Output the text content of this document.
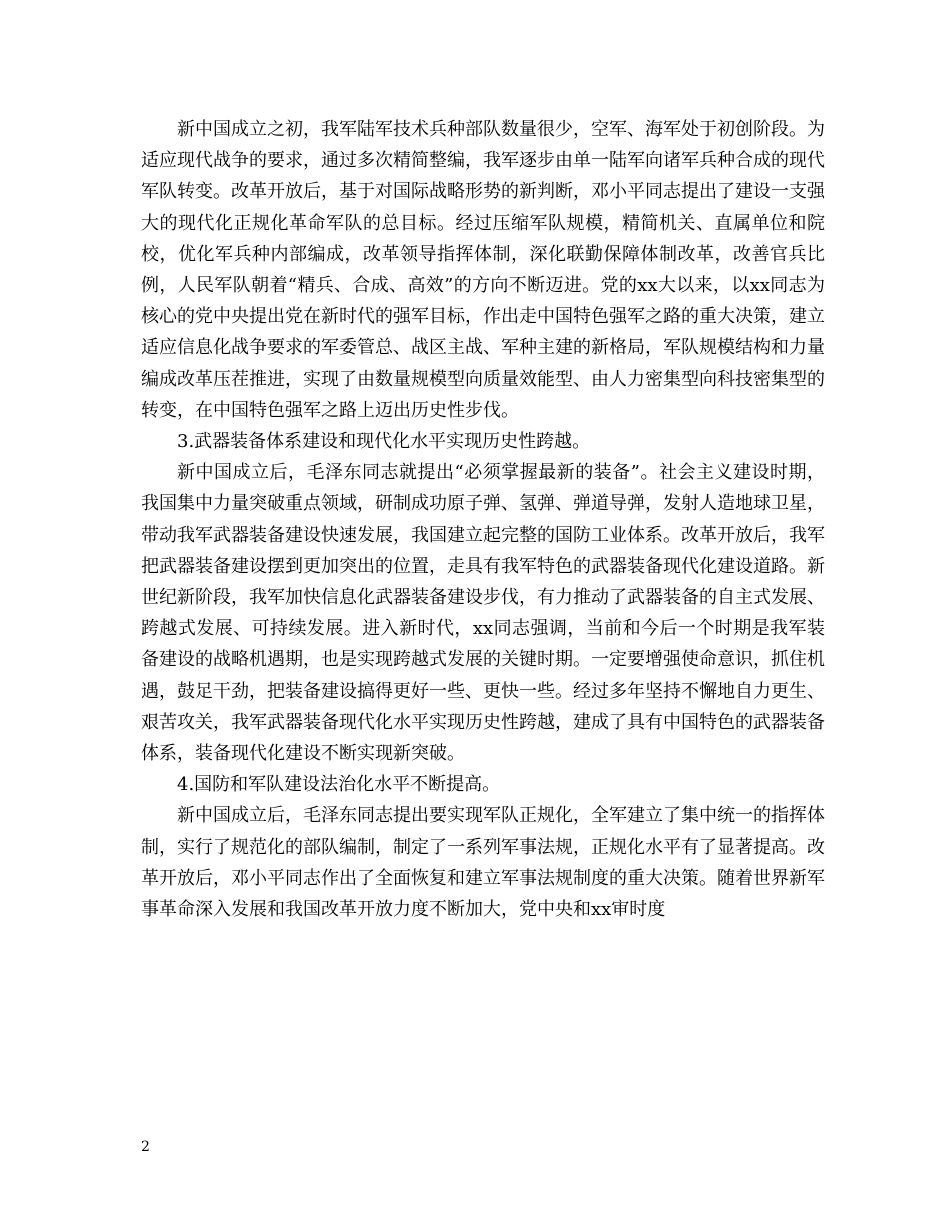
新中国成立之初，我军陆军技术兵种部队数量很少，空军、海军处于初创阶段。为适应现代战争的要求，通过多次精简整编，我军逐步由单一陆军向诸军兵种合成的现代军队转变。改革开放后，基于对国际战略形势的新判断，邓小平同志提出了建设一支强大的现代化正规化革命军队的总目标。经过压缩军队规模，精简机关、直属单位和院校，优化军兵种内部编成，改革领导指挥体制，深化联勤保障体制改革，改善官兵比例，人民军队朝着“精兵、合成、高效”的方向不断迈进。党的xx大以来，以xx同志为核心的党中央提出党在新时代的强军目标，作出走中国特色强军之路的重大决策，建立适应信息化战争要求的军委管总、战区主战、军种主建的新格局，军队规模结构和力量编成改革压茬推进，实现了由数量规模型向质量效能型、由人力密集型向科技密集型的转变，在中国特色强军之路上迈出历史性步伐。

3.武器装备体系建设和现代化水平实现历史性跨越。

新中国成立后，毛泽东同志就提出“必须掌握最新的装备”。社会主义建设时期，我国集中力量突破重点领域，研制成功原子弹、氢弹、弹道导弹，发射人造地球卫星，带动我军武器装备建设快速发展，我国建立起完整的国防工业体系。改革开放后，我军把武器装备建设摆到更加突出的位置，走具有我军特色的武器装备现代化建设道路。新世纪新阶段，我军加快信息化武器装备建设步伐，有力推动了武器装备的自主式发展、跨越式发展、可持续发展。进入新时代，xx同志强调，当前和今后一个时期是我军装备建设的战略机遇期，也是实现跨越式发展的关键时期。一定要增强使命意识，抓住机遇，鼓足干劲，把装备建设搞得更好一些、更快一些。经过多年坚持不懈地自力更生、艰苦攻关，我军武器装备现代化水平实现历史性跨越，建成了具有中国特色的武器装备体系，装备现代化建设不断实现新突破。

4.国防和军队建设法治化水平不断提高。

新中国成立后，毛泽东同志提出要实现军队正规化，全军建立了集中统一的指挥体制，实行了规范化的部队编制，制定了一系列军事法规，正规化水平有了显著提高。改革开放后，邓小平同志作出了全面恢复和建立军事法规制度的重大决策。随着世界新军事革命深入发展和我国改革开放力度不断加大，党中央和xx审时度

2
